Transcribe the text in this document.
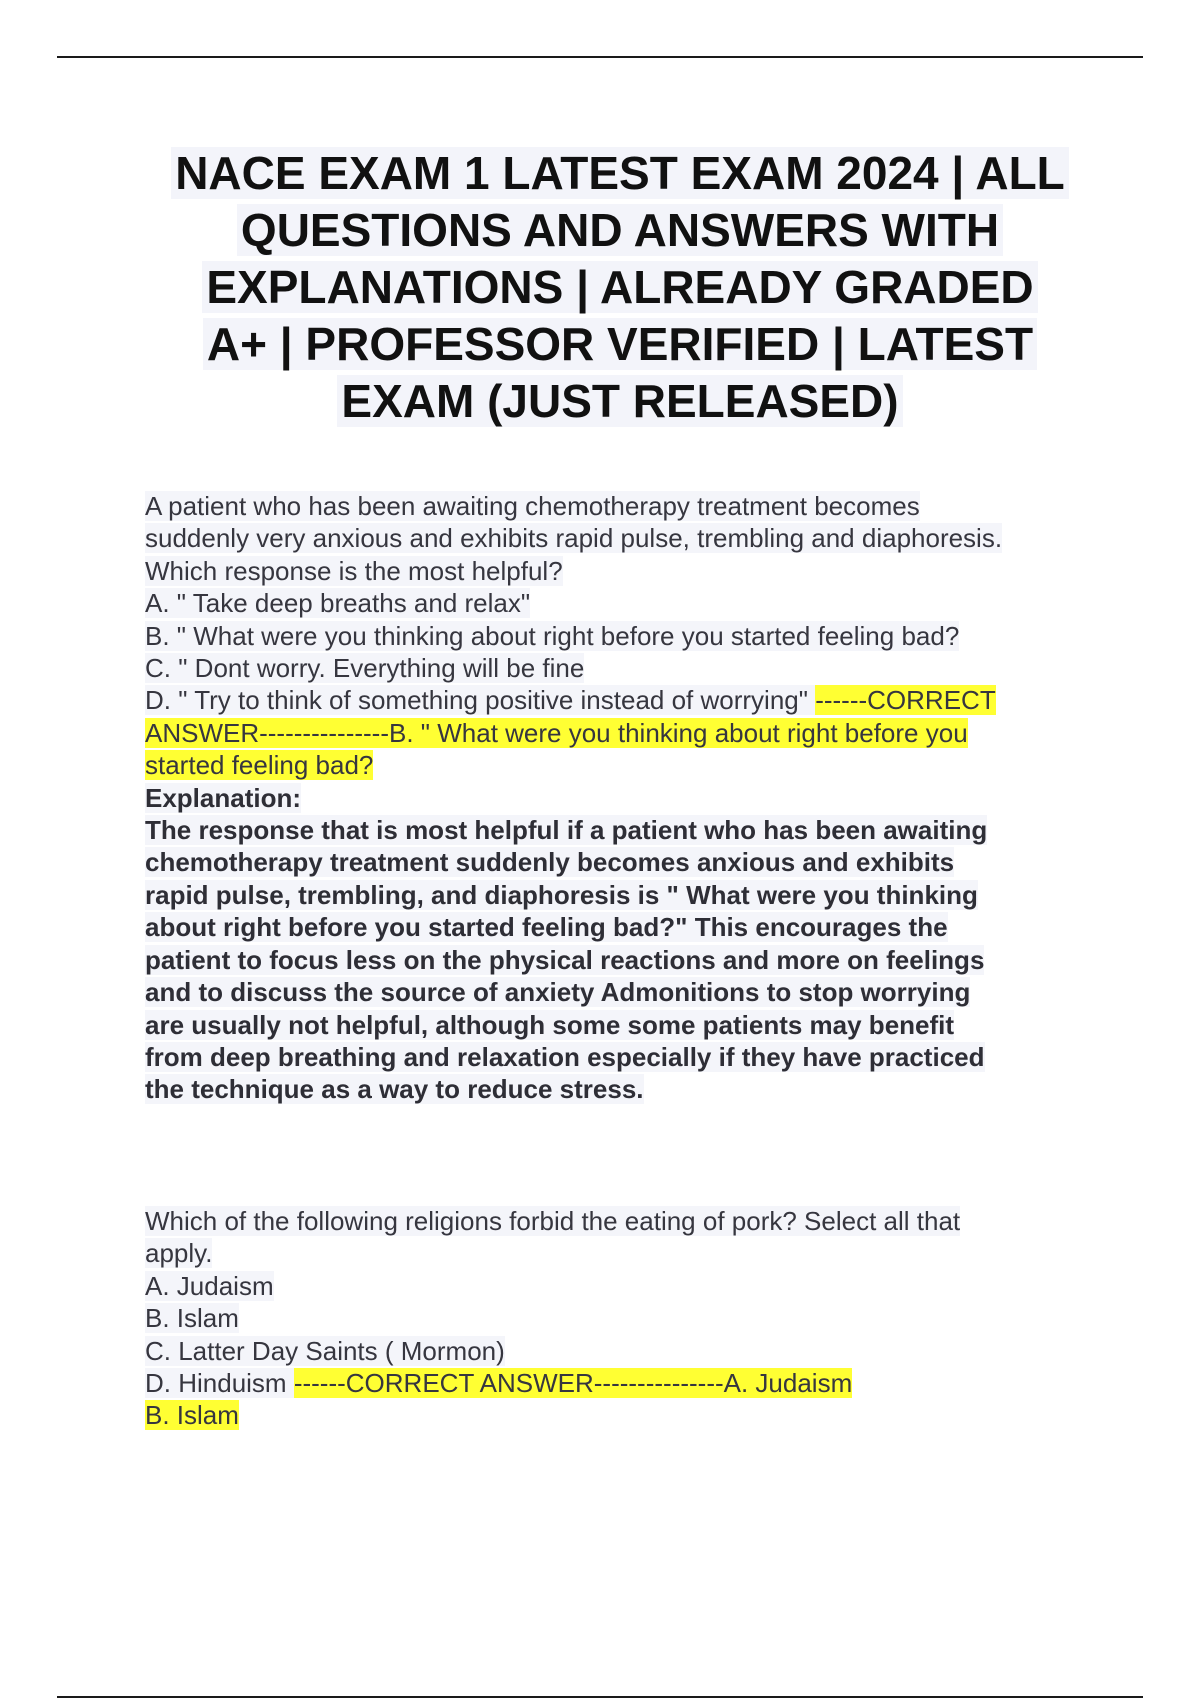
NACE EXAM 1 LATEST EXAM 2024 | ALL
QUESTIONS AND ANSWERS WITH
EXPLANATIONS | ALREADY GRADED
A+ | PROFESSOR VERIFIED | LATEST
EXAM (JUST RELEASED)
A patient who has been awaiting chemotherapy treatment becomes
suddenly very anxious and exhibits rapid pulse, trembling and diaphoresis.
Which response is the most helpful?
A. " Take deep breaths and relax"
B. " What were you thinking about right before you started feeling bad?
C. " Dont worry. Everything will be fine
D. " Try to think of something positive instead of worrying" ------CORRECT
ANSWER---------------B. " What were you thinking about right before you
started feeling bad?
Explanation:
The response that is most helpful if a patient who has been awaiting
chemotherapy treatment suddenly becomes anxious and exhibits
rapid pulse, trembling, and diaphoresis is " What were you thinking
about right before you started feeling bad?" This encourages the
patient to focus less on the physical reactions and more on feelings
and to discuss the source of anxiety Admonitions to stop worrying
are usually not helpful, although some some patients may benefit
from deep breathing and relaxation especially if they have practiced
the technique as a way to reduce stress.
Which of the following religions forbid the eating of pork? Select all that
apply.
A. Judaism
B. Islam
C. Latter Day Saints ( Mormon)
D. Hinduism ------CORRECT ANSWER---------------A. Judaism
B. Islam
